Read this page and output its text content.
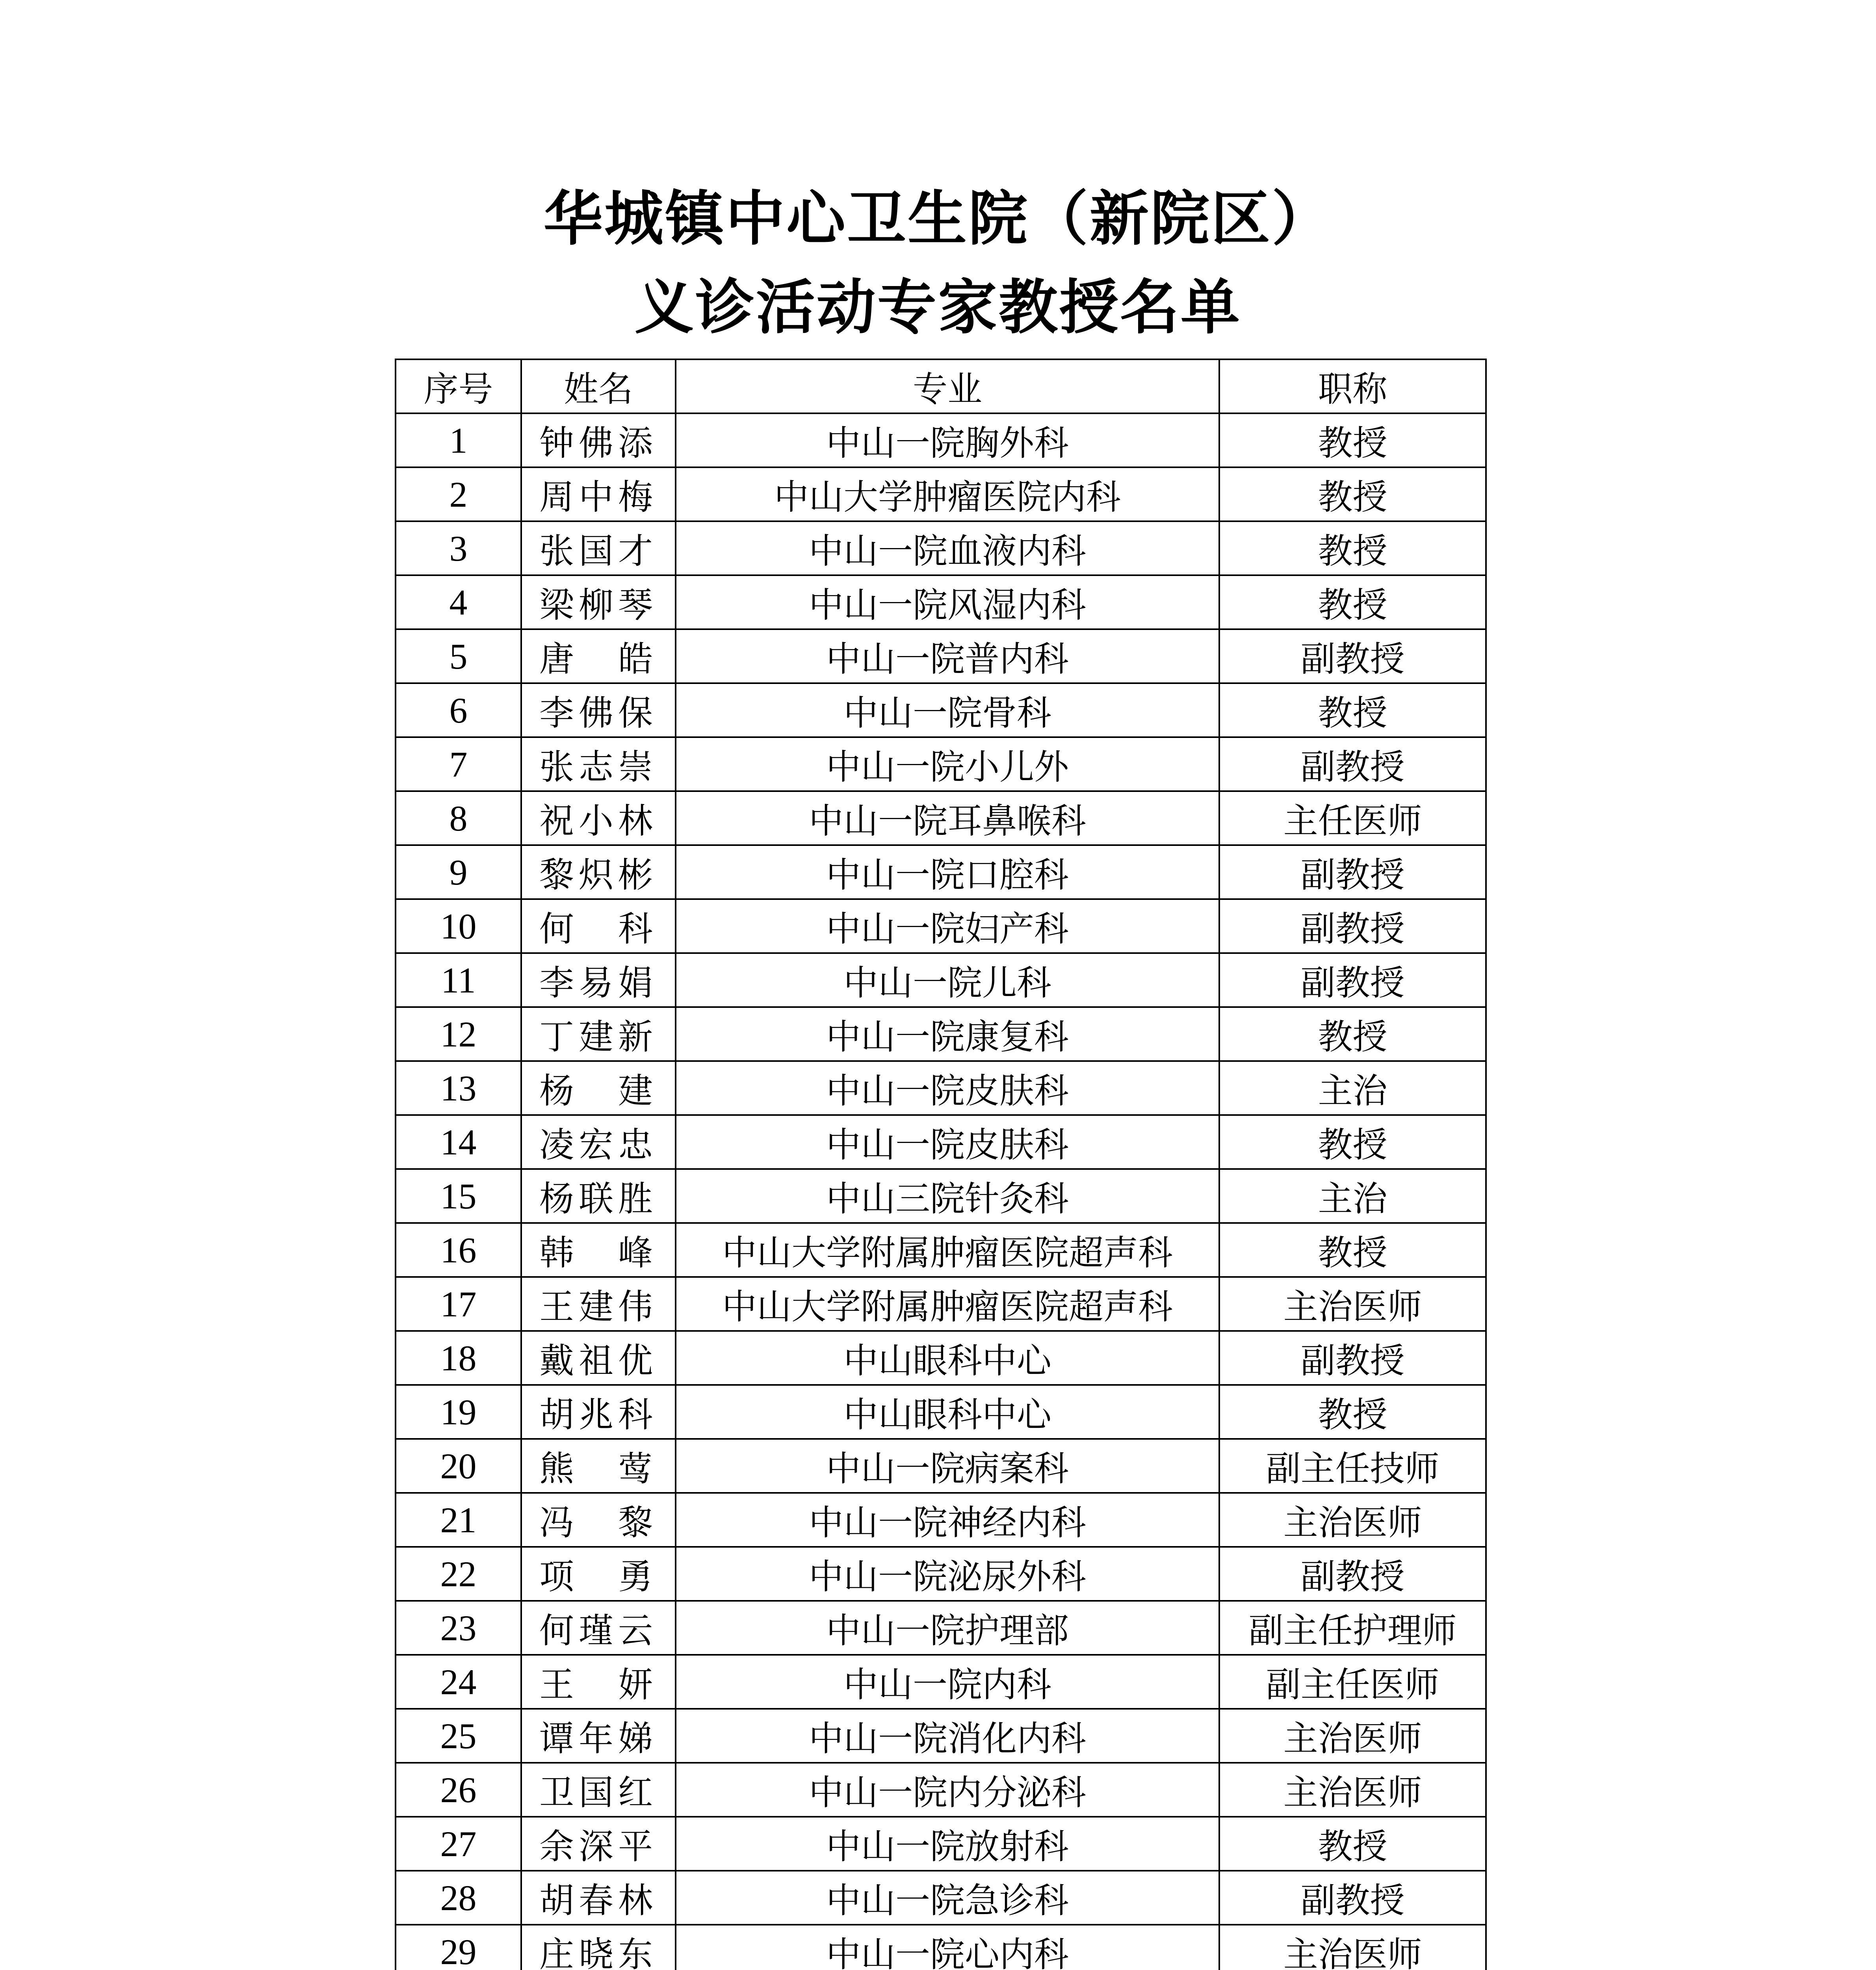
华城镇中心卫生院（新院区）
义诊活动专家教授名单
序号	姓名	专业	职称
1	钟佛添	中山一院胸外科	教授
2	周中梅	中山大学肿瘤医院内科	教授
3	张国才	中山一院血液内科	教授
4	梁柳琴	中山一院风湿内科	教授
5	唐　皓	中山一院普内科	副教授
6	李佛保	中山一院骨科	教授
7	张志崇	中山一院小儿外	副教授
8	祝小林	中山一院耳鼻喉科	主任医师
9	黎炽彬	中山一院口腔科	副教授
10	何　科	中山一院妇产科	副教授
11	李易娟	中山一院儿科	副教授
12	丁建新	中山一院康复科	教授
13	杨　建	中山一院皮肤科	主治
14	凌宏忠	中山一院皮肤科	教授
15	杨联胜	中山三院针灸科	主治
16	韩　峰	中山大学附属肿瘤医院超声科	教授
17	王建伟	中山大学附属肿瘤医院超声科	主治医师
18	戴祖优	中山眼科中心	副教授
19	胡兆科	中山眼科中心	教授
20	熊　莺	中山一院病案科	副主任技师
21	冯　黎	中山一院神经内科	主治医师
22	项　勇	中山一院泌尿外科	副教授
23	何瑾云	中山一院护理部	副主任护理师
24	王　妍	中山一院内科	副主任医师
25	谭年娣	中山一院消化内科	主治医师
26	卫国红	中山一院内分泌科	主治医师
27	余深平	中山一院放射科	教授
28	胡春林	中山一院急诊科	副教授
29	庄晓东	中山一院心内科	主治医师
